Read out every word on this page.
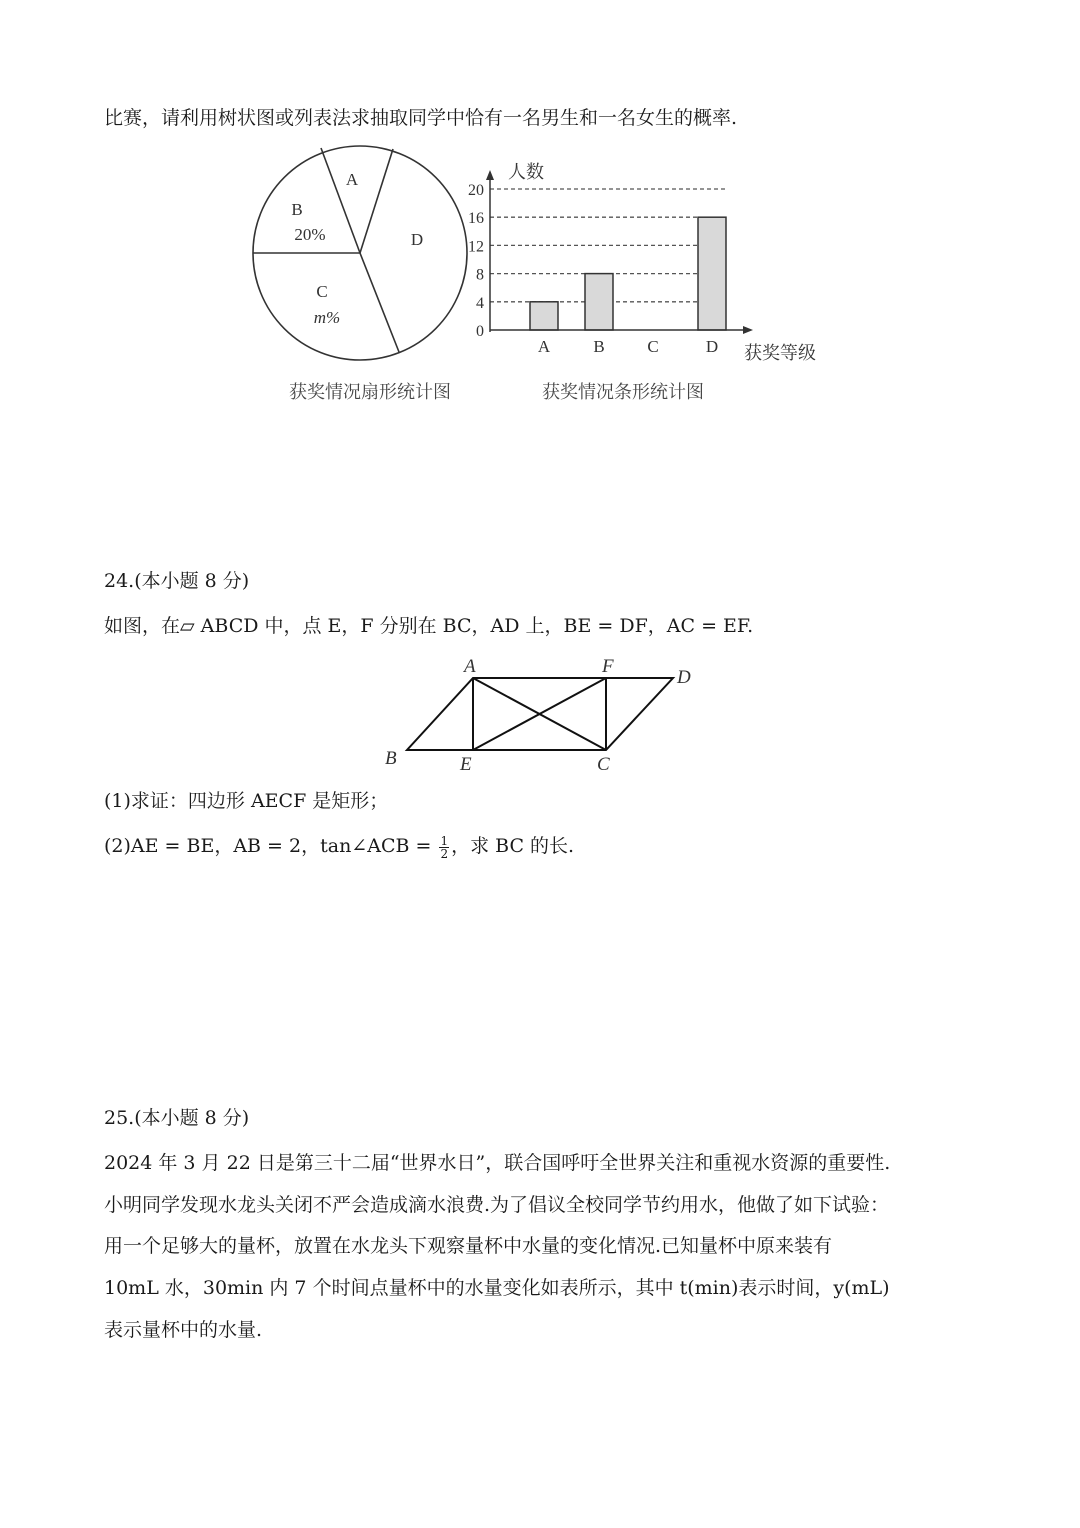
比赛，请利用树状图或列表法求抽取同学中恰有一名男生和一名女生的概率.
A
B
20%
C
m%
D
0
4
8
12
16
20
A	B	C	D
人数
获奖等级
获奖情况扇形统计图	获奖情况条形统计图
24.(本小题 8 分)
如图，在▱ ABCD 中，点 E，F 分别在 BC，AD 上，BE = DF，AC = EF.
A	F
D
B	E	C
(1)求证：四边形 AECF 是矩形；
(2)AE = BE，AB = 2，tan∠ACB = $\frac{1}{2}$ ，求 BC 的长.
25.(本小题 8 分)
2024 年 3 月 22 日是第三十二届“世界水日”，联合国呼吁全世界关注和重视水资源的重要性.
小明同学发现水龙头关闭不严会造成滴水浪费.为了倡议全校同学节约用水，他做了如下试验：
用一个足够大的量杯，放置在水龙头下观察量杯中水量的变化情况.已知量杯中原来装有
10mL 水，30min 内 7 个时间点量杯中的水量变化如表所示，其中 t(min)表示时间，y(mL)
表示量杯中的水量.
